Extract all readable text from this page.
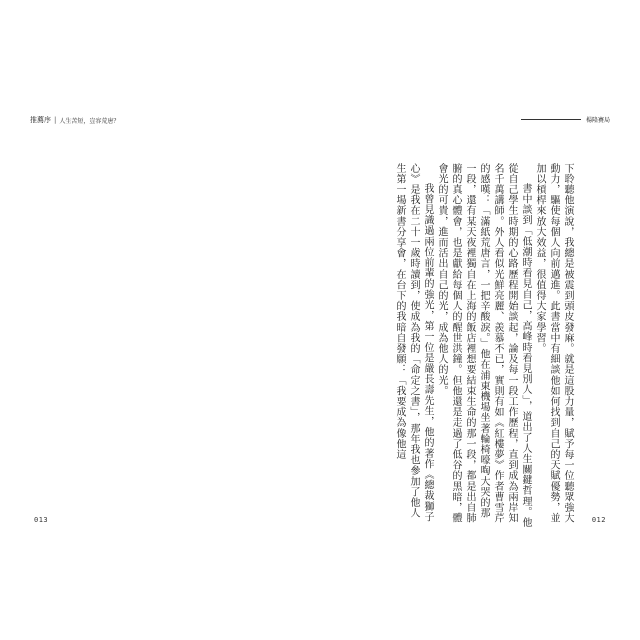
推薦序 | 人生苦短，豈容荒唐？	楊隆賽局

下聆聽他演說，我總是被震到頭皮發麻。就是這股力量，賦予每一位聽眾強大動力，驅使每個人向前邁進。此書當中有細談他如何找到自己的天賦優勢，並加以槓桿來放大效益，很值得大家學習。

書中談到「低潮時看見自己，高峰時看見別人」，道出了人生關鍵哲理。他從自己學生時期的心路歷程開始談起，論及每一段工作歷程，直到成為兩岸知名千萬講師。外人看似光鮮亮麗、羨慕不已，實則有如《紅樓夢》作者曹雪芹的感嘆：「滿紙荒唐言，一把辛酸淚。」他在浦東機場坐著輪椅嚎啕大哭的那一段，還有某天夜裡獨自在上海的飯店裡想要結束生命的那一段，都是出自肺腑的真心體會，也是獻給每個人的醒世洪鐘。但他還是走過了低谷的黑暗，體會光的可貴，進而活出自己的光，成為他人的光。

我曾見識過兩位前輩的強光，第一位是嚴長壽先生，他的著作《總裁獅子心》是我在二十一歲時讀到，使成為我的「命定之書」，那年我也參加了他人生第一場新書分享會，在台下的我暗自發願：「我要成為像他這

013	012
